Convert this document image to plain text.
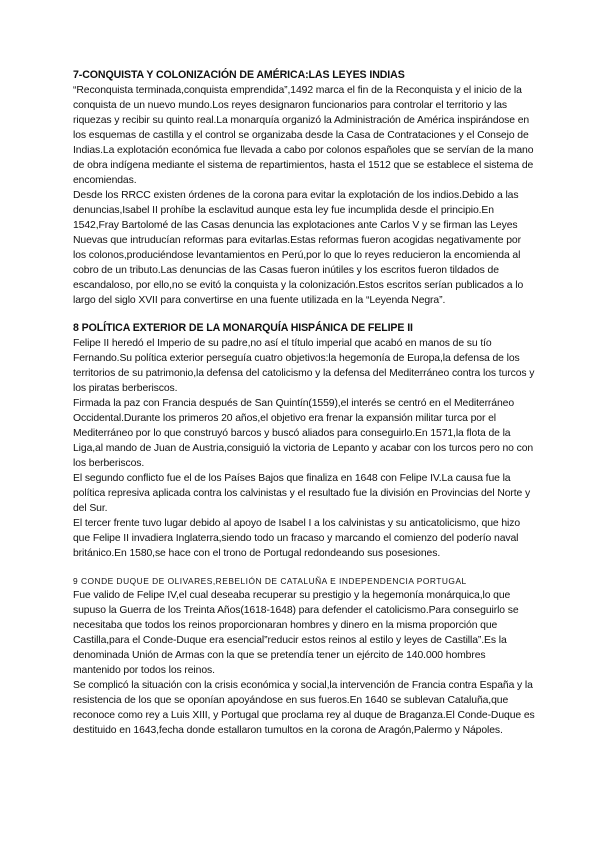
7-CONQUISTA Y COLONIZACIÓN DE AMÉRICA:LAS LEYES INDIAS

“Reconquista terminada,conquista emprendida”,1492 marca el fin de la Reconquista y el inicio de la conquista de un nuevo mundo.Los reyes designaron funcionarios para controlar el territorio y las riquezas y recibir su quinto real.La monarquía organizó la Administración de América inspirándose en los esquemas de castilla y el control se organizaba desde la Casa de Contrataciones y el Consejo de Indias.La explotación económica fue llevada a cabo por colonos españoles que se servían de la mano de obra indígena mediante el sistema de repartimientos, hasta el 1512 que se establece el sistema de encomiendas.

Desde los RRCC existen órdenes de la corona para evitar la explotación de los indios.Debido a las denuncias,Isabel II prohíbe la esclavitud aunque esta ley fue incumplida desde el principio.En 1542,Fray Bartolomé de las Casas denuncia las explotaciones ante Carlos V y se firman las Leyes Nuevas que intruducían reformas para evitarlas.Estas reformas fueron acogidas negativamente por los colonos,produciéndose levantamientos en Perú,por lo que lo reyes reducieron la encomienda al cobro de un tributo.Las denuncias de las Casas fueron inútiles y los escritos fueron tildados de escandaloso, por ello,no se evitó la conquista y la colonización.Estos escritos serían publicados a lo largo del siglo XVII para convertirse en una fuente utilizada en la “Leyenda Negra”.

8 POLÍTICA EXTERIOR DE LA MONARQUÍA HISPÁNICA DE FELIPE II

Felipe II heredó el Imperio de su padre,no así el título imperial que acabó en manos de su tío Fernando.Su política exterior perseguía cuatro objetivos:la hegemonía de Europa,la defensa de los territorios de su patrimonio,la defensa del catolicismo y la defensa del Mediterráneo contra los turcos y los piratas berberiscos.

Firmada la paz con Francia después de San Quintín(1559),el interés se centró en el Mediterráneo Occidental.Durante los primeros 20 años,el objetivo era frenar la expansión militar turca por el Mediterráneo por lo que construyó barcos y buscó aliados para conseguirlo.En 1571,la flota de la Liga,al mando de Juan de Austria,consiguió la victoria de Lepanto y acabar con los turcos pero no con los berberiscos.

El segundo conflicto fue el de los Países Bajos que finaliza en 1648 con Felipe IV.La causa fue la política represiva aplicada contra los calvinistas y el resultado fue la división en Provincias del Norte y del Sur.

El tercer frente tuvo lugar debido al apoyo de Isabel I a los calvinistas y su anticatolicismo, que hizo que Felipe II invadiera Inglaterra,siendo todo un fracaso y marcando el comienzo del poderío naval británico.En 1580,se hace con el trono de Portugal redondeando sus posesiones.

9 CONDE DUQUE DE OLIVARES,REBELIÓN DE CATALUÑA E INDEPENDENCIA PORTUGAL

Fue valido de Felipe IV,el cual deseaba recuperar su prestigio y la hegemonía monárquica,lo que supuso la Guerra de los Treinta Años(1618-1648) para defender el catolicismo.Para conseguirlo se necesitaba que todos los reinos proporcionaran hombres y dinero en la misma proporción que Castilla,para el Conde-Duque era esencial”reducir estos reinos al estilo y leyes de Castilla”.Es la denominada Unión de Armas con la que se pretendía tener un ejército de 140.000 hombres mantenido por todos los reinos.

Se complicó la situación con la crisis económica y social,la intervención de Francia contra España y la resistencia de los que se oponían apoyándose en sus fueros.En 1640 se sublevan Cataluña,que reconoce como rey a Luis XIII, y Portugal que proclama rey al duque de Braganza.El Conde-Duque es destituido en 1643,fecha donde estallaron tumultos en la corona de Aragón,Palermo y Nápoles.
